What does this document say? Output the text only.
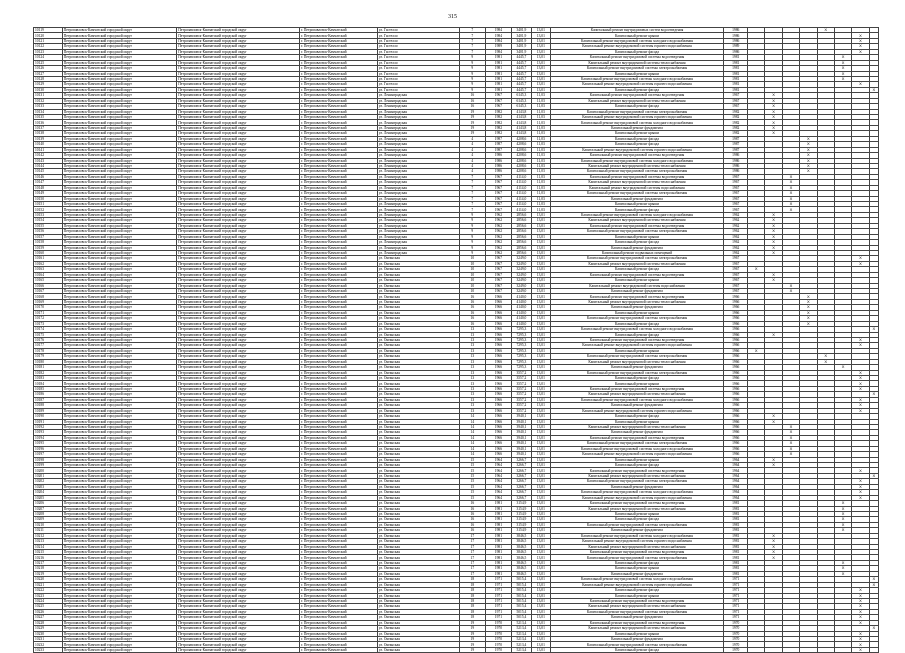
315
10119	Петропавловск-Камчатский городской округ	Петропавловск-Камчатский городской округ	г. Петропавловск-Камчатский	ул. Гастелло	7	1984	3401,9	13,01	Капитальный ремонт внутридомовых систем водоотведения	1986					X			
10120	Петропавловск-Камчатский городской округ	Петропавловск-Камчатский городской округ	г. Петропавловск-Камчатский	ул. Гастелло	7	1984	3401,9	13,01	Капитальный ремонт крыши	1986							X	
10121	Петропавловск-Камчатский городской округ	Петропавловск-Камчатский городской округ	г. Петропавловск-Камчатский	ул. Гастелло	7	1984	3401,9	13,01	Капитальный ремонт внутридомовой системы холодного водоснабжения	1986							X	
10122	Петропавловск-Камчатский городской округ	Петропавловск-Камчатский городской округ	г. Петропавловск-Камчатский	ул. Гастелло	7	1989	3401,9	13,01	Капитальный ремонт внутридомовой системы горячего водоснабжения	1989							X	
10123	Петропавловск-Камчатский городской округ	Петропавловск-Камчатский городской округ	г. Петропавловск-Камчатский	ул. Гастелло	7	1984	3401,9	13,01	Капитальный ремонт фасада	1986							X	
10124	Петропавловск-Камчатский городской округ	Петропавловск-Камчатский городской округ	г. Петропавловск-Камчатский	ул. Гастелло	9	1981	4445,7	13,01	Капитальный ремонт внутридомовой системы водоотведения	1981						X		
10125	Петропавловск-Камчатский городской округ	Петропавловск-Камчатский городской округ	г. Петропавловск-Камчатский	ул. Гастелло	9	1981	4445,7	13,01	Капитальный ремонт внутридомовой системы теплоснабжения	1981						X		
10126	Петропавловск-Камчатский городской округ	Петропавловск-Камчатский городской округ	г. Петропавловск-Камчатский	ул. Гастелло	9	1981	4445,7	13,01	Капитальный ремонт внутридомовой системы электроснабжения	1981						X		
10127	Петропавловск-Камчатский городской округ	Петропавловск-Камчатский городской округ	г. Петропавловск-Камчатский	ул. Гастелло	9	1981	4445,7	13,01	Капитальный ремонт крыши	1981						X		
10128	Петропавловск-Камчатский городской округ	Петропавловск-Камчатский городской округ	г. Петропавловск-Камчатский	ул. Гастелло	9	1981	4445,7	13,01	Капитальный ремонт внутридомовой системы холодного водоснабжения	1981						X		
10129	Петропавловск-Камчатский городской округ	Петропавловск-Камчатский городской округ	г. Петропавловск-Камчатский	ул. Гастелло	9	1981	4445,7	13,01	Капитальный ремонт внутридомовой системы горячего водоснабжения	1981							X	
10130	Петропавловск-Камчатский городской округ	Петропавловск-Камчатский городской округ	г. Петропавловск-Камчатский	ул. Гастелло	9	1981	4445,7	13,01	Капитальный ремонт фасада	1981								X
10131	Петропавловск-Камчатский городской округ	Петропавловск-Камчатский городской округ	г. Петропавловск-Камчатский	ул. Ленинградская	16	1967	6145,3	11,03	Капитальный ремонт внутридомовой системы водоотведения	1967		X						
10132	Петропавловск-Камчатский городской округ	Петропавловск-Камчатский городской округ	г. Петропавловск-Камчатский	ул. Ленинградская	16	1967	6145,3	11,03	Капитальный ремонт внутридомовой системы теплоснабжения	1967		X						
10133	Петропавловск-Камчатский городской округ	Петропавловск-Камчатский городской округ	г. Петропавловск-Камчатский	ул. Ленинградская	16	1967	6145,3	11,03	Капитальный ремонт фасада	1967		X						
10134	Петропавловск-Камчатский городской округ	Петропавловск-Камчатский городской округ	г. Петропавловск-Камчатский	ул. Ленинградская	19	1982	4143,8	11,03	Капитальный ремонт внутридомовой системы электроснабжения	1982		X						
10135	Петропавловск-Камчатский городской округ	Петропавловск-Камчатский городской округ	г. Петропавловск-Камчатский	ул. Ленинградская	19	1982	4143,8	11,03	Капитальный ремонт внутридомовой системы горячего водоснабжения	1982		X						
10136	Петропавловск-Камчатский городской округ	Петропавловск-Камчатский городской округ	г. Петропавловск-Камчатский	ул. Ленинградская	19	1982	4143,8	11,03	Капитальный ремонт внутридомовой системы холодного водоснабжения	1982		X						
10137	Петропавловск-Камчатский городской округ	Петропавловск-Камчатский городской округ	г. Петропавловск-Камчатский	ул. Ленинградская	19	1982	4143,8	11,03	Капитальный ремонт фундамента	1982		X						
10138	Петропавловск-Камчатский городской округ	Петропавловск-Камчатский городской округ	г. Петропавловск-Камчатский	ул. Ленинградская	19	1982	4143,8	11,03	Капитальный ремонт крыши	1982		X						
10139	Петропавловск-Камчатский городской округ	Петропавловск-Камчатский городской округ	г. Петропавловск-Камчатский	ул. Ленинградская	4	1987	4208,6	11,03	Капитальный ремонт фасада	1987				X				
10140	Петропавловск-Камчатский городской округ	Петропавловск-Камчатский городской округ	г. Петропавловск-Камчатский	ул. Ленинградская	4	1987	4208,6	11,03	Капитальный ремонт фасада	1987				X				
10141	Петропавловск-Камчатский городской округ	Петропавловск-Камчатский городской округ	г. Петропавловск-Камчатский	ул. Ленинградская	4	1987	4208,6	11,03	Капитальный ремонт внутридомовой системы горячего водоснабжения	1987				X				
10142	Петропавловск-Камчатский городской округ	Петропавловск-Камчатский городской округ	г. Петропавловск-Камчатский	ул. Ленинградская	4	1986	4208,6	11,03	Капитальный ремонт внутридомовой системы водоотведения	1986				X				
10143	Петропавловск-Камчатский городской округ	Петропавловск-Камчатский городской округ	г. Петропавловск-Камчатский	ул. Ленинградская	4	1986	4208,6	11,03	Капитальный ремонт внутридомовой системы холодного водоснабжения	1986				X				
10144	Петропавловск-Камчатский городской округ	Петропавловск-Камчатский городской округ	г. Петропавловск-Камчатский	ул. Ленинградская	4	1986	4208,6	11,03	Капитальный ремонт внутридомовой системы теплоснабжения	1986				X				
10145	Петропавловск-Камчатский городской округ	Петропавловск-Камчатский городской округ	г. Петропавловск-Камчатский	ул. Ленинградская	4	1986	4208,6	11,03	Капитальный ремонт внутридомовой системы электроснабжения	1986				X				
10146	Петропавловск-Камчатский городской округ	Петропавловск-Камчатский городской округ	г. Петропавловск-Камчатский	ул. Ленинградская	7	1967	4114,0	11,03	Капитальный ремонт внутридомовой системы водоотведения	1967			X					
10147	Петропавловск-Камчатский городской округ	Петропавловск-Камчатский городской округ	г. Петропавловск-Камчатский	ул. Ленинградская	7	1967	4114,0	11,03	Капитальный ремонт внутридомовой системы теплоснабжения	1967			X					
10148	Петропавловск-Камчатский городской округ	Петропавловск-Камчатский городской округ	г. Петропавловск-Камчатский	ул. Ленинградская	7	1967	4114,0	11,03	Капитальный ремонт внутридомовой системы водоснабжения	1967			X					
10149	Петропавловск-Камчатский городской округ	Петропавловск-Камчатский городской округ	г. Петропавловск-Камчатский	ул. Ленинградская	7	1967	4114,0	11,03	Капитальный ремонт внутридомовой системы электроснабжения	1967			X					
10150	Петропавловск-Камчатский городской округ	Петропавловск-Камчатский городской округ	г. Петропавловск-Камчатский	ул. Ленинградская	7	1967	4114,0	11,03	Капитальный ремонт фундамента	1967			X					
10151	Петропавловск-Камчатский городской округ	Петропавловск-Камчатский городской округ	г. Петропавловск-Камчатский	ул. Ленинградская	7	1967	4114,0	11,03	Капитальный ремонт крыши	1967			X					
10152	Петропавловск-Камчатский городской округ	Петропавловск-Камчатский городской округ	г. Петропавловск-Камчатский	ул. Ленинградская	7	1967	4114,0	11,03	Капитальный ремонт фасада	1967			X					
10153	Петропавловск-Камчатский городской округ	Петропавловск-Камчатский городской округ	г. Петропавловск-Камчатский	ул. Ленинградская	9	1962	2856,6	13,01	Капитальный ремонт внутридомовой системы холодного водоснабжения	1962		X						
10154	Петропавловск-Камчатский городской округ	Петропавловск-Камчатский городской округ	г. Петропавловск-Камчатский	ул. Ленинградская	9	1962	2856,6	13,01	Капитальный ремонт внутридомовой системы теплоснабжения	1962		X						
10155	Петропавловск-Камчатский городской округ	Петропавловск-Камчатский городской округ	г. Петропавловск-Камчатский	ул. Ленинградская	9	1962	2856,6	13,01	Капитальный ремонт внутридомовой системы водоотведения	1962		X						
10156	Петропавловск-Камчатский городской округ	Петропавловск-Камчатский городской округ	г. Петропавловск-Камчатский	ул. Ленинградская	9	1962	2856,6	13,01	Капитальный ремонт внутридомовой системы электроснабжения	1962		X						
10157	Петропавловск-Камчатский городской округ	Петропавловск-Камчатский городской округ	г. Петропавловск-Камчатский	ул. Ленинградская	9	1962	2856,6	13,01	Капитальный ремонт крыши	1962		X						
10158	Петропавловск-Камчатский городской округ	Петропавловск-Камчатский городской округ	г. Петропавловск-Камчатский	ул. Ленинградская	9	1962	2856,6	13,01	Капитальный ремонт фасада	1962		X						
10159	Петропавловск-Камчатский городской округ	Петропавловск-Камчатский городской округ	г. Петропавловск-Камчатский	ул. Ленинградская	9	1962	2856,6	13,01	Капитальный ремонт фундамента	1962		X						
10160	Петропавловск-Камчатский городской округ	Петропавловск-Камчатский городской округ	г. Петропавловск-Камчатский	ул. Ленинградская	9	1962	2856,6	13,01	Капитальный ремонт подвальных помещений	1962		X						
10161	Петропавловск-Камчатский городской округ	Петропавловск-Камчатский городской округ	г. Петропавловск-Камчатский	ул. Океанская	10	1967	3249,0	13,01	Капитальный ремонт внутридомовой системы электроснабжения	1967							X	
10162	Петропавловск-Камчатский городской округ	Петропавловск-Камчатский городской округ	г. Петропавловск-Камчатский	ул. Океанская	10	1967	3249,0	13,01	Капитальный ремонт внутридомовой системы теплоснабжения	1967							X	
10163	Петропавловск-Камчатский городской округ	Петропавловск-Камчатский городской округ	г. Петропавловск-Камчатский	ул. Океанская	10	1967	3249,0	13,01	Капитальный ремонт фасада	1967	X							
10164	Петропавловск-Камчатский городской округ	Петропавловск-Камчатский городской округ	г. Петропавловск-Камчатский	ул. Океанская	10	1967	3249,0	13,01	Капитальный ремонт внутридомовой системы водоотведения	1967		X						
10165	Петропавловск-Камчатский городской округ	Петропавловск-Камчатский городской округ	г. Петропавловск-Камчатский	ул. Океанская	10	1967	3249,0	13,01	Капитальный ремонт крыши	1967		X						
10166	Петропавловск-Камчатский городской округ	Петропавловск-Камчатский городской округ	г. Петропавловск-Камчатский	ул. Океанская	10	1967	3249,0	13,01	Капитальный ремонт внутридомовой системы водоснабжения	1967			X					
10167	Петропавловск-Камчатский городской округ	Петропавловск-Камчатский городской округ	г. Петропавловск-Камчатский	ул. Океанская	10	1967	3249,0	13,01	Капитальный ремонт фундамента	1967			X					
10168	Петропавловск-Камчатский городской округ	Петропавловск-Камчатский городской округ	г. Петропавловск-Камчатский	ул. Океанская	16	1966	4140,0	13,01	Капитальный ремонт внутридомовой системы водоотведения	1966				X				
10169	Петропавловск-Камчатский городской округ	Петропавловск-Камчатский городской округ	г. Петропавловск-Камчатский	ул. Океанская	16	1966	4140,0	13,01	Капитальный ремонт внутридомовой системы теплоснабжения	1966				X				
10170	Петропавловск-Камчатский городской округ	Петропавловск-Камчатский городской округ	г. Петропавловск-Камчатский	ул. Океанская	16	1966	4140,0	13,01	Капитальный ремонт фундамента	1966				X				
10171	Петропавловск-Камчатский городской округ	Петропавловск-Камчатский городской округ	г. Петропавловск-Камчатский	ул. Океанская	16	1966	4140,0	13,01	Капитальный ремонт крыши	1966				X				
10172	Петропавловск-Камчатский городской округ	Петропавловск-Камчатский городской округ	г. Петропавловск-Камчатский	ул. Океанская	16	1966	4140,0	13,01	Капитальный ремонт внутридомовой системы электроснабжения	1966				X				
10173	Петропавловск-Камчатский городской округ	Петропавловск-Камчатский городской округ	г. Петропавловск-Камчатский	ул. Океанская	16	1966	4140,0	13,01	Капитальный ремонт фасада	1966				X				
10174	Петропавловск-Камчатский городской округ	Петропавловск-Камчатский городской округ	г. Петропавловск-Камчатский	ул. Океанская	13	1966	7295,3	13,01	Капитальный ремонт внутридомовой системы холодного водоснабжения	1966								X
10175	Петропавловск-Камчатский городской округ	Петропавловск-Камчатский городской округ	г. Петропавловск-Камчатский	ул. Океанская	13	1966	7295,3	13,01	Капитальный ремонт фасада	1966		X						
10176	Петропавловск-Камчатский городской округ	Петропавловск-Камчатский городской округ	г. Петропавловск-Камчатский	ул. Океанская	13	1966	7295,3	13,01	Капитальный ремонт внутридомовой системы водоотведения	1966							X	
10177	Петропавловск-Камчатский городской округ	Петропавловск-Камчатский городской округ	г. Петропавловск-Камчатский	ул. Океанская	13	1966	7295,3	13,01	Капитальный ремонт внутридомовой системы горячего водоснабжения	1966							X	
10178	Петропавловск-Камчатский городской округ	Петропавловск-Камчатский городской округ	г. Петропавловск-Камчатский	ул. Океанская	13	1966	7295,3	13,01	Капитальный ремонт крыши	1966	X							
10179	Петропавловск-Камчатский городской округ	Петропавловск-Камчатский городской округ	г. Петропавловск-Камчатский	ул. Океанская	13	1966	7295,3	13,01	Капитальный ремонт внутридомовой системы электроснабжения	1966					X			
10180	Петропавловск-Камчатский городской округ	Петропавловск-Камчатский городской округ	г. Петропавловск-Камчатский	ул. Океанская	13	1966	7295,3	13,01	Капитальный ремонт внутридомовой системы теплоснабжения	1966					X			
10181	Петропавловск-Камчатский городской округ	Петропавловск-Камчатский городской округ	г. Петропавловск-Камчатский	ул. Океанская	13	1966	7295,3	13,01	Капитальный ремонт фундамента	1966						X		
10182	Петропавловск-Камчатский городской округ	Петропавловск-Камчатский городской округ	г. Петропавловск-Камчатский	ул. Океанская	13	1966	3557,2	13,01	Капитальный ремонт внутридомовой системы электроснабжения	1966							X	
10183	Петропавловск-Камчатский городской округ	Петропавловск-Камчатский городской округ	г. Петропавловск-Камчатский	ул. Океанская	13	1966	3557,2	13,01	Капитальный ремонт фасада	1966							X	
10184	Петропавловск-Камчатский городской округ	Петропавловск-Камчатский городской округ	г. Петропавловск-Камчатский	ул. Океанская	13	1966	3557,2	13,01	Капитальный ремонт крыши	1966							X	
10185	Петропавловск-Камчатский городской округ	Петропавловск-Камчатский городской округ	г. Петропавловск-Камчатский	ул. Океанская	13	1966	3557,2	13,01	Капитальный ремонт внутридомовой системы водоотведения	1966							X	
10186	Петропавловск-Камчатский городской округ	Петропавловск-Камчатский городской округ	г. Петропавловск-Камчатский	ул. Океанская	13	1966	3557,2	13,01	Капитальный ремонт внутридомовой системы теплоснабжения	1966								X
10187	Петропавловск-Камчатский городской округ	Петропавловск-Камчатский городской округ	г. Петропавловск-Камчатский	ул. Океанская	13	1966	3557,2	13,01	Капитальный ремонт внутридомовой системы холодного водоснабжения	1966							X	
10188	Петропавловск-Камчатский городской округ	Петропавловск-Камчатский городской округ	г. Петропавловск-Камчатский	ул. Океанская	13	1966	3557,2	13,01	Капитальный ремонт фундамента	1966							X	
10189	Петропавловск-Камчатский городской округ	Петропавловск-Камчатский городской округ	г. Петропавловск-Камчатский	ул. Океанская	13	1966	3557,2	13,01	Капитальный ремонт внутридомовой системы горячего водоснабжения	1966							X	
10190	Петропавловск-Камчатский городской округ	Петропавловск-Камчатский городской округ	г. Петропавловск-Камчатский	ул. Океанская	14	1966	3940,1	13,01	Капитальный ремонт фасада	1966		X						
10191	Петропавловск-Камчатский городской округ	Петропавловск-Камчатский городской округ	г. Петропавловск-Камчатский	ул. Океанская	14	1966	3940,1	13,01	Капитальный ремонт крыши	1966		X						
10192	Петропавловск-Камчатский городской округ	Петропавловск-Камчатский городской округ	г. Петропавловск-Камчатский	ул. Океанская	14	1966	3940,1	13,01	Капитальный ремонт внутридомовой системы теплоснабжения	1966			X					
10193	Петропавловск-Камчатский городской округ	Петропавловск-Камчатский городской округ	г. Петропавловск-Камчатский	ул. Океанская	14	1966	3940,1	13,01	Капитальный ремонт фундамента	1966			X					
10194	Петропавловск-Камчатский городской округ	Петропавловск-Камчатский городской округ	г. Петропавловск-Камчатский	ул. Океанская	14	1966	3940,1	13,01	Капитальный ремонт внутридомовой системы водоотведения	1966			X					
10195	Петропавловск-Камчатский городской округ	Петропавловск-Камчатский городской округ	г. Петропавловск-Камчатский	ул. Океанская	14	1966	3940,1	13,01	Капитальный ремонт внутридомовой системы электроснабжения	1966			X					
10196	Петропавловск-Камчатский городской округ	Петропавловск-Камчатский городской округ	г. Петропавловск-Камчатский	ул. Океанская	14	1966	3940,1	13,01	Капитальный ремонт внутридомовой системы холодного водоснабжения	1966			X					
10197	Петропавловск-Камчатский городской округ	Петропавловск-Камчатский городской округ	г. Петропавловск-Камчатский	ул. Океанская	14	1966	3940,1	13,01	Капитальный ремонт внутридомовой системы горячего водоснабжения	1966			X					
10198	Петропавловск-Камчатский городской округ	Петропавловск-Камчатский городской округ	г. Петропавловск-Камчатский	ул. Океанская	15	1964	3266,7	13,01	Капитальный ремонт крыши	1964		X						
10199	Петропавловск-Камчатский городской округ	Петропавловск-Камчатский городской округ	г. Петропавловск-Камчатский	ул. Океанская	15	1964	3266,7	13,01	Капитальный ремонт фасада	1964		X						
10200	Петропавловск-Камчатский городской округ	Петропавловск-Камчатский городской округ	г. Петропавловск-Камчатский	ул. Океанская	15	1964	3266,7	13,01	Капитальный ремонт внутридомовой системы водоотведения	1964							X	
10201	Петропавловск-Камчатский городской округ	Петропавловск-Камчатский городской округ	г. Петропавловск-Камчатский	ул. Океанская	15	1964	3266,7	13,01	Капитальный ремонт внутридомовой системы теплоснабжения	1964								X
10202	Петропавловск-Камчатский городской округ	Петропавловск-Камчатский городской округ	г. Петропавловск-Камчатский	ул. Океанская	15	1964	3266,7	13,01	Капитальный ремонт внутридомовой системы электроснабжения	1964							X	
10203	Петропавловск-Камчатский городской округ	Петропавловск-Камчатский городской округ	г. Петропавловск-Камчатский	ул. Океанская	15	1964	3266,7	13,01	Капитальный ремонт фундамента	1964							X	
10204	Петропавловск-Камчатский городской округ	Петропавловск-Камчатский городской округ	г. Петропавловск-Камчатский	ул. Океанская	15	1964	3266,7	13,01	Капитальный ремонт внутридомовой системы холодного водоснабжения	1964							X	
10205	Петропавловск-Камчатский городской округ	Петропавловск-Камчатский городской округ	г. Петропавловск-Камчатский	ул. Океанская	15	1964	3266,7	13,01	Капитальный ремонт внутридомовой системы горячего водоснабжения	1964							X	
10206	Петропавловск-Камчатский городской округ	Петропавловск-Камчатский городской округ	г. Петропавловск-Камчатский	ул. Океанская	16	1981	3154,9	13,01	Капитальный ремонт внутридомовой системы водоотведения	1981						X		
10207	Петропавловск-Камчатский городской округ	Петропавловск-Камчатский городской округ	г. Петропавловск-Камчатский	ул. Океанская	16	1981	3154,9	13,01	Капитальный ремонт внутридомовой системы теплоснабжения	1981						X		
10208	Петропавловск-Камчатский городской округ	Петропавловск-Камчатский городской округ	г. Петропавловск-Камчатский	ул. Океанская	16	1981	3154,9	13,01	Капитальный ремонт крыши	1981						X		
10209	Петропавловск-Камчатский городской округ	Петропавловск-Камчатский городской округ	г. Петропавловск-Камчатский	ул. Океанская	16	1981	3154,9	13,01	Капитальный ремонт фасада	1981						X		
10210	Петропавловск-Камчатский городской округ	Петропавловск-Камчатский городской округ	г. Петропавловск-Камчатский	ул. Океанская	16	1981	3154,9	13,01	Капитальный ремонт внутридомовой системы электроснабжения	1981						X		
10211	Петропавловск-Камчатский городской округ	Петропавловск-Камчатский городской округ	г. Петропавловск-Камчатский	ул. Океанская	16	1981	3154,9	13,01	Капитальный ремонт фундамента	1981						X		
10212	Петропавловск-Камчатский городской округ	Петропавловск-Камчатский городской округ	г. Петропавловск-Камчатский	ул. Океанская	17	1981	3846,5	13,01	Капитальный ремонт внутридомовой системы холодного водоснабжения	1981		X						
10213	Петропавловск-Камчатский городской округ	Петропавловск-Камчатский городской округ	г. Петропавловск-Камчатский	ул. Океанская	17	1981	3846,5	13,01	Капитальный ремонт внутридомовой системы горячего водоснабжения	1981		X						
10214	Петропавловск-Камчатский городской округ	Петропавловск-Камчатский городской округ	г. Петропавловск-Камчатский	ул. Океанская	17	1981	3846,5	13,01	Капитальный ремонт внутридомовой системы теплоснабжения	1981		X						
10215	Петропавловск-Камчатский городской округ	Петропавловск-Камчатский городской округ	г. Петропавловск-Камчатский	ул. Океанская	17	1981	3846,5	13,01	Капитальный ремонт внутридомовой системы водоотведения	1981		X						
10216	Петропавловск-Камчатский городской округ	Петропавловск-Камчатский городской округ	г. Петропавловск-Камчатский	ул. Океанская	17	1981	3846,5	13,01	Капитальный ремонт внутридомовой системы электроснабжения	1981		X						
10217	Петропавловск-Камчатский городской округ	Петропавловск-Камчатский городской округ	г. Петропавловск-Камчатский	ул. Океанская	17	1981	3846,5	13,01	Капитальный ремонт фасада	1981						X		
10218	Петропавловск-Камчатский городской округ	Петропавловск-Камчатский городской округ	г. Петропавловск-Камчатский	ул. Океанская	17	1981	3846,5	13,01	Капитальный ремонт крыши	1981						X		
10219	Петропавловск-Камчатский городской округ	Петропавловск-Камчатский городской округ	г. Петропавловск-Камчатский	ул. Океанская	17	1981	3846,5	13,01	Капитальный ремонт фундамента	1981						X		
10220	Петропавловск-Камчатский городской округ	Петропавловск-Камчатский городской округ	г. Петропавловск-Камчатский	ул. Океанская	18	1971	5015,4	13,01	Капитальный ремонт внутридомовой системы холодного водоснабжения	1971								X
10221	Петропавловск-Камчатский городской округ	Петропавловск-Камчатский городской округ	г. Петропавловск-Камчатский	ул. Океанская	18	1971	5015,4	13,01	Капитальный ремонт внутридомовой системы горячего водоснабжения	1971								X
10222	Петропавловск-Камчатский городской округ	Петропавловск-Камчатский городской округ	г. Петропавловск-Камчатский	ул. Океанская	18	1971	5015,4	13,01	Капитальный ремонт фасада	1971							X	
10223	Петропавловск-Камчатский городской округ	Петропавловск-Камчатский городской округ	г. Петропавловск-Камчатский	ул. Океанская	18	1971	5015,4	13,01	Капитальный ремонт крыши	1971							X	
10224	Петропавловск-Камчатский городской округ	Петропавловск-Камчатский городской округ	г. Петропавловск-Камчатский	ул. Океанская	18	1971	5015,4	13,01	Капитальный ремонт внутридомовой системы водоотведения	1971							X	
10225	Петропавловск-Камчатский городской округ	Петропавловск-Камчатский городской округ	г. Петропавловск-Камчатский	ул. Океанская	18	1971	5015,4	13,01	Капитальный ремонт внутридомовой системы теплоснабжения	1971							X	
10226	Петропавловск-Камчатский городской округ	Петропавловск-Камчатский городской округ	г. Петропавловск-Камчатский	ул. Океанская	18	1971	5015,4	13,01	Капитальный ремонт внутридомовой системы электроснабжения	1971							X	
10227	Петропавловск-Камчатский городской округ	Петропавловск-Камчатский городской округ	г. Петропавловск-Камчатский	ул. Океанская	18	1971	5015,4	13,01	Капитальный ремонт фундамента	1971							X	
10228	Петропавловск-Камчатский городской округ	Петропавловск-Камчатский городской округ	г. Петропавловск-Камчатский	ул. Океанская	19	1970	5213,4	13,01	Капитальный ремонт внутридомовой системы водоотведения	1970							X	
10229	Петропавловск-Камчатский городской округ	Петропавловск-Камчатский городской округ	г. Петропавловск-Камчатский	ул. Океанская	19	1970	5213,4	13,01	Капитальный ремонт внутридомовой системы теплоснабжения	1970								X
10230	Петропавловск-Камчатский городской округ	Петропавловск-Камчатский городской округ	г. Петропавловск-Камчатский	ул. Океанская	19	1970	5213,4	13,01	Капитальный ремонт крыши	1970							X	
10231	Петропавловск-Камчатский городской округ	Петропавловск-Камчатский городской округ	г. Петропавловск-Камчатский	ул. Океанская	19	1970	5213,4	13,01	Капитальный ремонт фундамента	1970							X	
10232	Петропавловск-Камчатский городской округ	Петропавловск-Камчатский городской округ	г. Петропавловск-Камчатский	ул. Океанская	19	1970	5213,4	13,01	Капитальный ремонт внутридомовой системы электроснабжения	1970							X	
10233	Петропавловск-Камчатский городской округ	Петропавловск-Камчатский городской округ	г. Петропавловск-Камчатский	ул. Океанская	19	1970	5213,4	13,01	Капитальный ремонт фасада	1970							X	
